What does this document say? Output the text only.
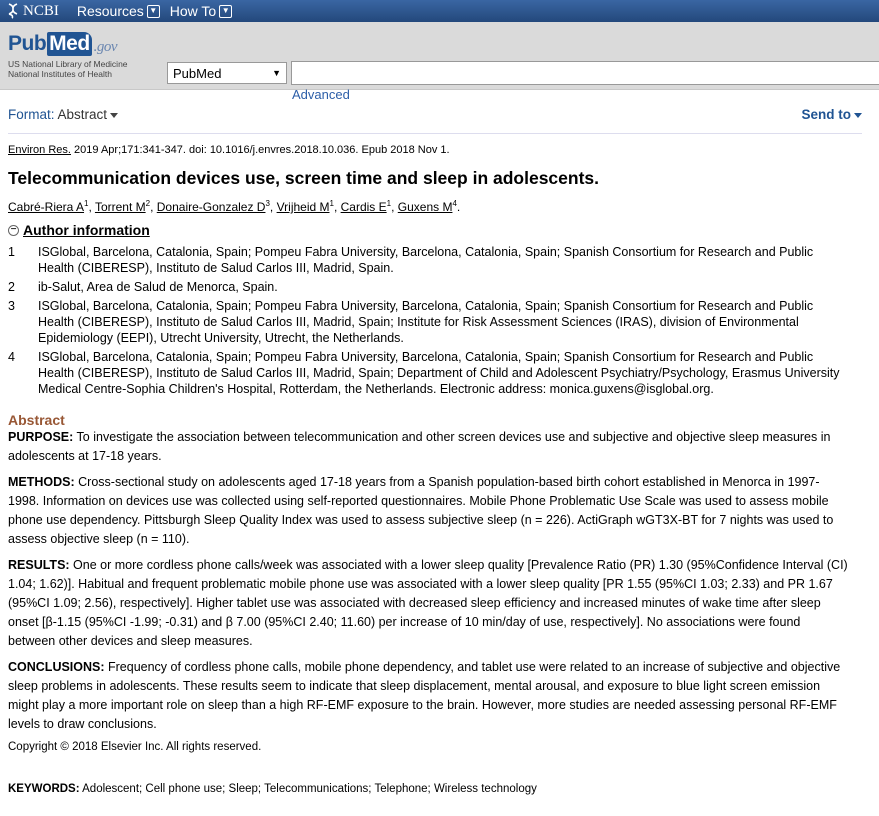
NCBI Resources ▼ How To ▼
Pub Med .gov
US National Library of Medicine
National Institutes of Health	PubMed	▼
Advanced
Format: Abstract	Send to
Environ Res. 2019 Apr;171:341-347. doi: 10.1016/j.envres.2018.10.036. Epub 2018 Nov 1.
Telecommunication devices use, screen time and sleep in adolescents.
Cabré-Riera $A^1$, Torrent $M^2$, Donaire-Gonzalez $D^3$, Vrijheid $M^1$, Cardis $E^1$, Guxens $M^4$.
− Author information
1	ISGlobal, Barcelona, Catalonia, Spain; Pompeu Fabra University, Barcelona, Catalonia, Spain; Spanish Consortium for Research and Public Health (CIBERESP), Instituto de Salud Carlos III, Madrid, Spain.
2	ib-Salut, Area de Salud de Menorca, Spain.
3	ISGlobal, Barcelona, Catalonia, Spain; Pompeu Fabra University, Barcelona, Catalonia, Spain; Spanish Consortium for Research and Public Health (CIBERESP), Instituto de Salud Carlos III, Madrid, Spain; Institute for Risk Assessment Sciences (IRAS), division of Environmental Epidemiology (EEPI), Utrecht University, Utrecht, the Netherlands.
4	ISGlobal, Barcelona, Catalonia, Spain; Pompeu Fabra University, Barcelona, Catalonia, Spain; Spanish Consortium for Research and Public Health (CIBERESP), Instituto de Salud Carlos III, Madrid, Spain; Department of Child and Adolescent Psychiatry/Psychology, Erasmus University Medical Centre-Sophia Children's Hospital, Rotterdam, the Netherlands. Electronic address: monica.guxens@isglobal.org.
Abstract

PURPOSE: To investigate the association between telecommunication and other screen devices use and subjective and objective sleep measures in adolescents at 17-18 years.

METHODS: Cross-sectional study on adolescents aged 17-18 years from a Spanish population-based birth cohort established in Menorca in 1997-1998. Information on devices use was collected using self-reported questionnaires. Mobile Phone Problematic Use Scale was used to assess mobile phone use dependency. Pittsburgh Sleep Quality Index was used to assess subjective sleep (n = 226). ActiGraph wGT3X-BT for 7 nights was used to assess objective sleep (n = 110).

RESULTS: One or more cordless phone calls/week was associated with a lower sleep quality [Prevalence Ratio (PR) 1.30 (95%Confidence Interval (CI) 1.04; 1.62)]. Habitual and frequent problematic mobile phone use was associated with a lower sleep quality [PR 1.55 (95%CI 1.03; 2.33) and PR 1.67 (95%CI 1.09; 2.56), respectively]. Higher tablet use was associated with decreased sleep efficiency and increased minutes of wake time after sleep onset [β-1.15 (95%CI -1.99; -0.31) and β 7.00 (95%CI 2.40; 11.60) per increase of 10 min/day of use, respectively]. No associations were found between other devices and sleep measures.

CONCLUSIONS: Frequency of cordless phone calls, mobile phone dependency, and tablet use were related to an increase of subjective and objective sleep problems in adolescents. These results seem to indicate that sleep displacement, mental arousal, and exposure to blue light screen emission might play a more important role on sleep than a high RF-EMF exposure to the brain. However, more studies are needed assessing personal RF-EMF levels to draw conclusions.

Copyright © 2018 Elsevier Inc. All rights reserved.
KEYWORDS: Adolescent; Cell phone use; Sleep; Telecommunications; Telephone; Wireless technology
